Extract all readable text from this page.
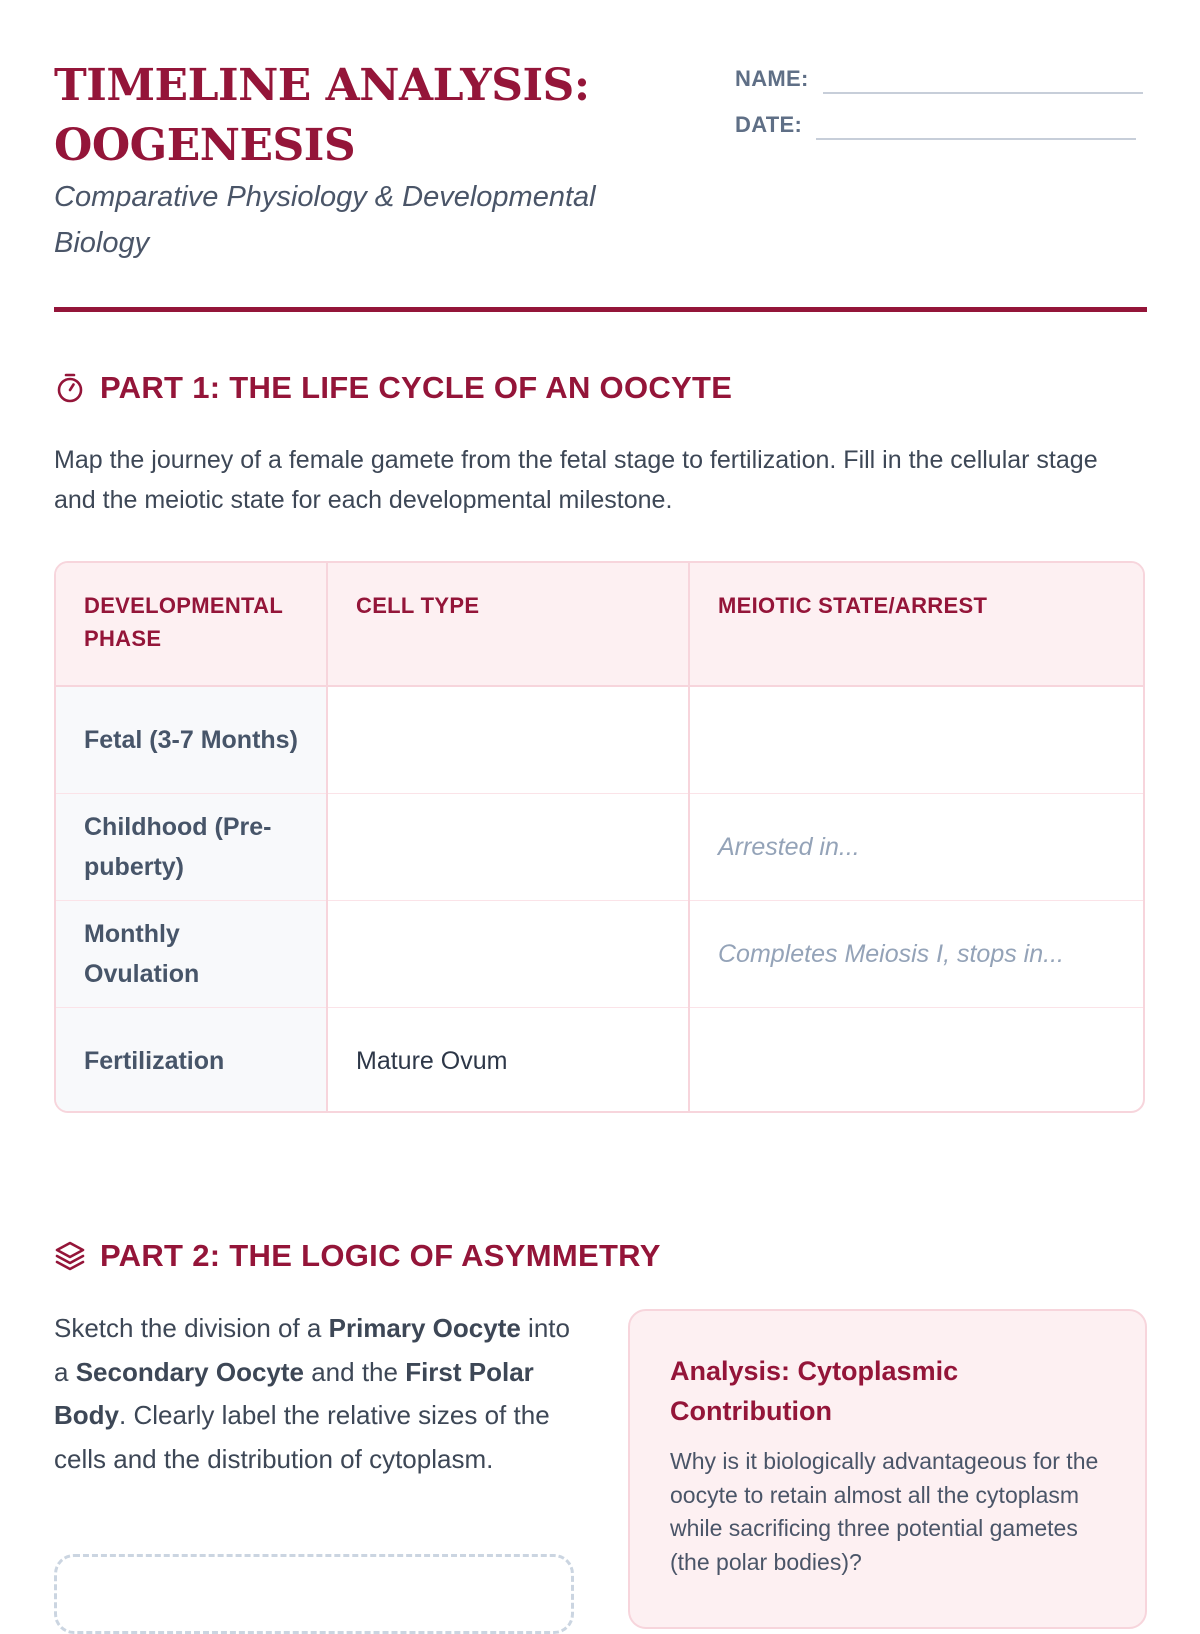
TIMELINE ANALYSIS:
OOGENESIS

Comparative Physiology & Developmental Biology

NAME:
DATE:
PART 1: THE LIFE CYCLE OF AN OOCYTE

Map the journey of a female gamete from the fetal stage to fertilization. Fill in the cellular stage and the meiotic state for each developmental milestone.

DEVELOPMENTAL PHASE	CELL TYPE	MEIOTIC STATE/ARREST
Fetal (3-7 Months)		
Childhood (Pre-puberty)		Arrested in...
Monthly Ovulation		Completes Meiosis I, stops in...
Fertilization	Mature Ovum	
PART 2: THE LOGIC OF ASYMMETRY

Sketch the division of a Primary Oocyte into a Secondary Oocyte and the First Polar Body. Clearly label the relative sizes of the cells and the distribution of cytoplasm.

Analysis: Cytoplasmic Contribution

Why is it biologically advantageous for the oocyte to retain almost all the cytoplasm while sacrificing three potential gametes (the polar bodies)?
